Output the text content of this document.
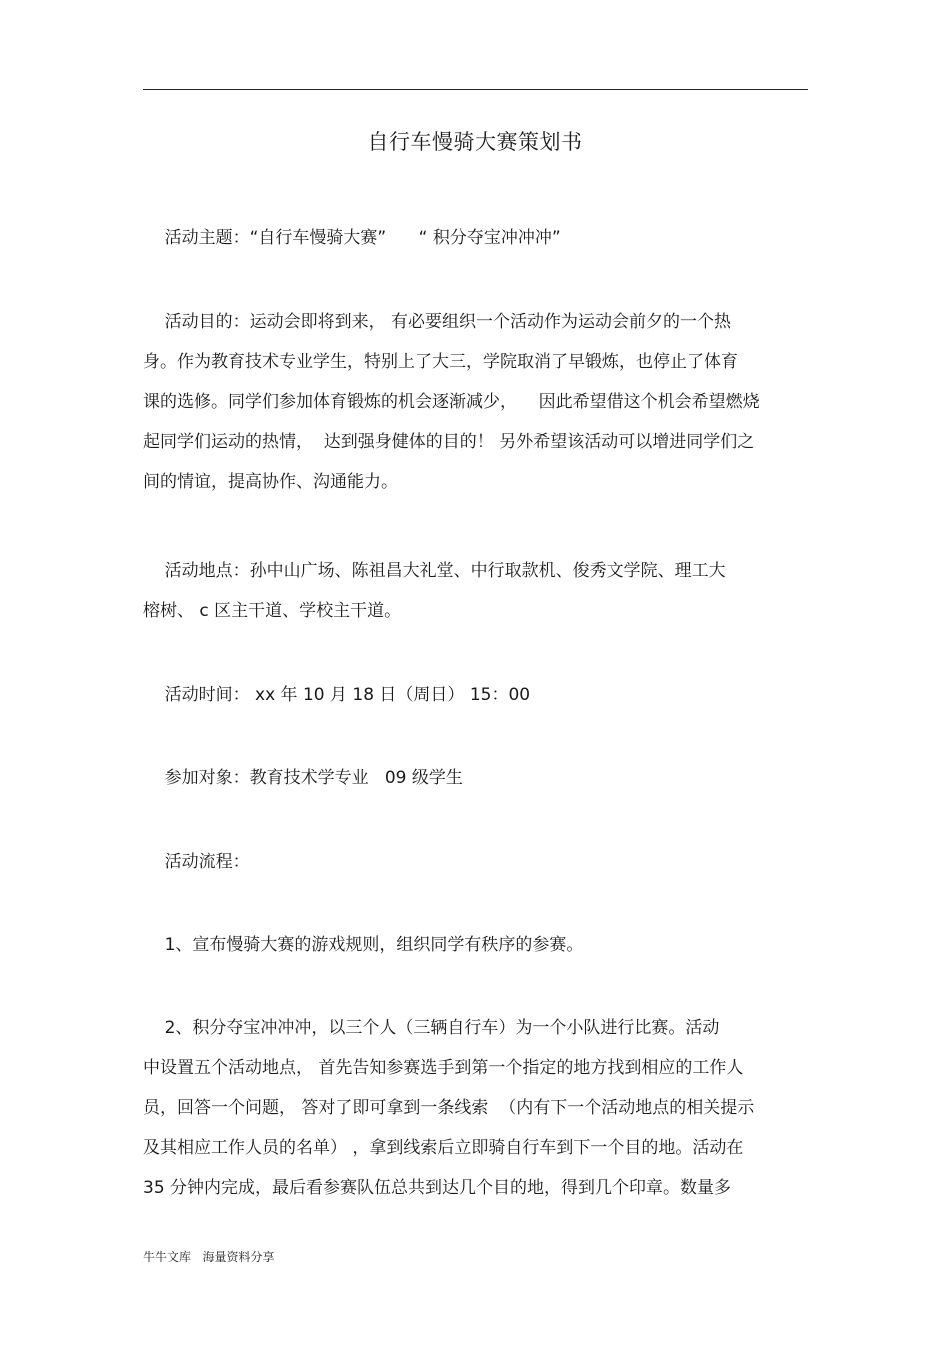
自行车慢骑大赛策划书
活动主题：“自行车慢骑大赛”      “ 积分夺宝冲冲冲”
活动目的：运动会即将到来， 有必要组织一个活动作为运动会前夕的一个热
身。作为教育技术专业学生，特别上了大三，学院取消了早锻炼，也停止了体育
课的选修。同学们参加体育锻炼的机会逐渐减少，    因此希望借这个机会希望燃烧
起同学们运动的热情，  达到强身健体的目的！ 另外希望该活动可以增进同学们之
间的情谊，提高协作、沟通能力。
活动地点：孙中山广场、陈祖昌大礼堂、中行取款机、俊秀文学院、理工大
榕树、 c 区主干道、学校主干道。
活动时间： xx 年 10 月 18 日（周日） 15：00
参加对象：教育技术学专业   09 级学生
活动流程：
1、宣布慢骑大赛的游戏规则，组织同学有秩序的参赛。
2、积分夺宝冲冲冲，以三个人（三辆自行车）为一个小队进行比赛。活动
中设置五个活动地点， 首先告知参赛选手到第一个指定的地方找到相应的工作人
员，回答一个问题， 答对了即可拿到一条线索  （内有下一个活动地点的相关提示
及其相应工作人员的名单） ，拿到线索后立即骑自行车到下一个目的地。活动在
35 分钟内完成，最后看参赛队伍总共到达几个目的地，得到几个印章。数量多
牛牛文库   海量资料分享
